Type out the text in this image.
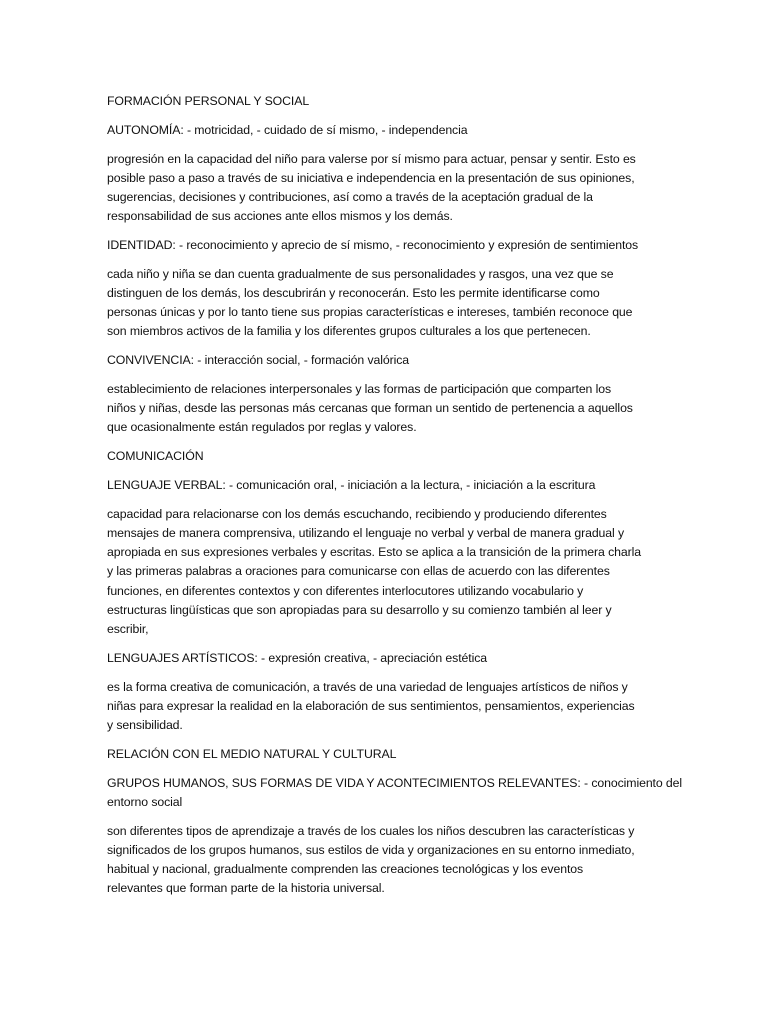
FORMACIÓN PERSONAL Y SOCIAL

AUTONOMÍA: - motricidad, - cuidado de sí mismo, - independencia

progresión en la capacidad del niño para valerse por sí mismo para actuar, pensar y sentir. Esto es

posible paso a paso a través de su iniciativa e independencia en la presentación de sus opiniones,

sugerencias, decisiones y contribuciones, así como a través de la aceptación gradual de la

responsabilidad de sus acciones ante ellos mismos y los demás.

IDENTIDAD: - reconocimiento y aprecio de sí mismo, - reconocimiento y expresión de sentimientos

cada niño y niña se dan cuenta gradualmente de sus personalidades y rasgos, una vez que se

distinguen de los demás, los descubrirán y reconocerán. Esto les permite identificarse como

personas únicas y por lo tanto tiene sus propias características e intereses, también reconoce que

son miembros activos de la familia y los diferentes grupos culturales a los que pertenecen.

CONVIVENCIA: - interacción social, - formación valórica

establecimiento de relaciones interpersonales y las formas de participación que comparten los

niños y niñas, desde las personas más cercanas que forman un sentido de pertenencia a aquellos

que ocasionalmente están regulados por reglas y valores.

COMUNICACIÓN

LENGUAJE VERBAL: - comunicación oral, - iniciación a la lectura, - iniciación a la escritura

capacidad para relacionarse con los demás escuchando, recibiendo y produciendo diferentes

mensajes de manera comprensiva, utilizando el lenguaje no verbal y verbal de manera gradual y

apropiada en sus expresiones verbales y escritas. Esto se aplica a la transición de la primera charla

y las primeras palabras a oraciones para comunicarse con ellas de acuerdo con las diferentes

funciones, en diferentes contextos y con diferentes interlocutores utilizando vocabulario y

estructuras lingüísticas que son apropiadas para su desarrollo y su comienzo también al leer y

escribir,

LENGUAJES ARTÍSTICOS: - expresión creativa, - apreciación estética

es la forma creativa de comunicación, a través de una variedad de lenguajes artísticos de niños y

niñas para expresar la realidad en la elaboración de sus sentimientos, pensamientos, experiencias

y sensibilidad.

RELACIÓN CON EL MEDIO NATURAL Y CULTURAL

GRUPOS HUMANOS, SUS FORMAS DE VIDA Y ACONTECIMIENTOS RELEVANTES: - conocimiento del

entorno social

son diferentes tipos de aprendizaje a través de los cuales los niños descubren las características y

significados de los grupos humanos, sus estilos de vida y organizaciones en su entorno inmediato,

habitual y nacional, gradualmente comprenden las creaciones tecnológicas y los eventos

relevantes que forman parte de la historia universal.
